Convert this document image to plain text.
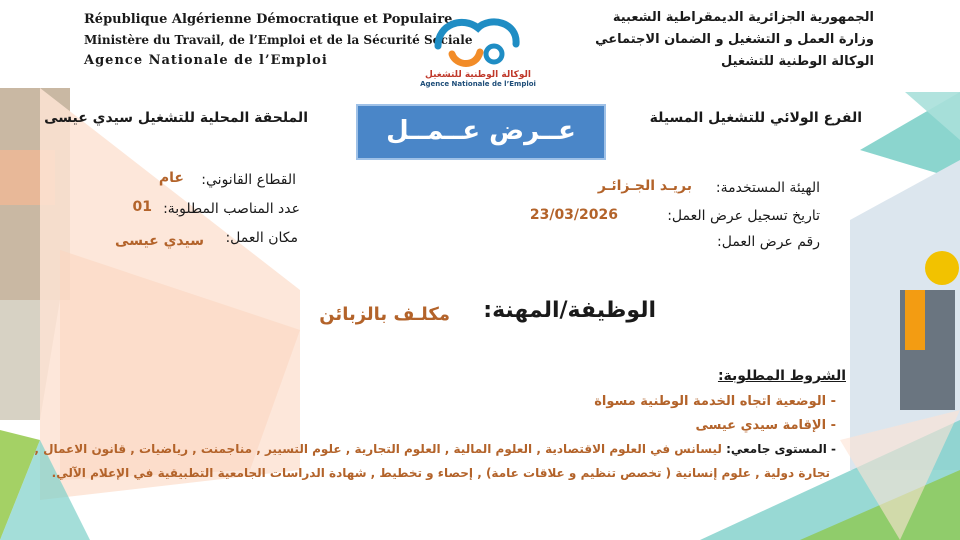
République Algérienne Démocratique et Populaire
Ministère du Travail, de l’Emploi et de la Sécurité Sociale
Agence Nationale de l’Emploi
الجمهورية الجزائرية الديمقراطية الشعبية
وزارة العمل و التشغيل و الضمان الاجتماعي
الوكالة الوطنية للتشغيل
الوكالة الوطنية للتشغيل
Agence Nationale de l’Emploi
الفرع الولائي للتشغيل المسيلة
الملحقة المحلية للتشغيل سيدي عيسى	عــرض عــمــل
الهيئة المستخدمة:
بريـد الجـزائـر
تاريخ تسجيل عرض العمل:
23/03/2026
رقم عرض العمل:
القطاع القانوني:
عام
عدد المناصب المطلوبة:
01
مكان العمل:
سيدي عيسى
الوظيفة/المهنة:
مكلـف بالزبائن
الشروط المطلوبة:
- الوضعية اتجاه الخدمة الوطنية مسواة
- الإقامة سيدي عيسى
- المستوى جامعي: ليسانس في العلوم الاقتصادية , العلوم المالية , العلوم التجارية , علوم التسيير , مناجمنت , رياضيات , قانون الاعمال ,
تجارة دولية , علوم إنسانية ( تخصص تنظيم و علاقات عامة) , إحصاء و تخطيط , شهادة الدراسات الجامعية التطبيقية في الإعلام الآلي.
